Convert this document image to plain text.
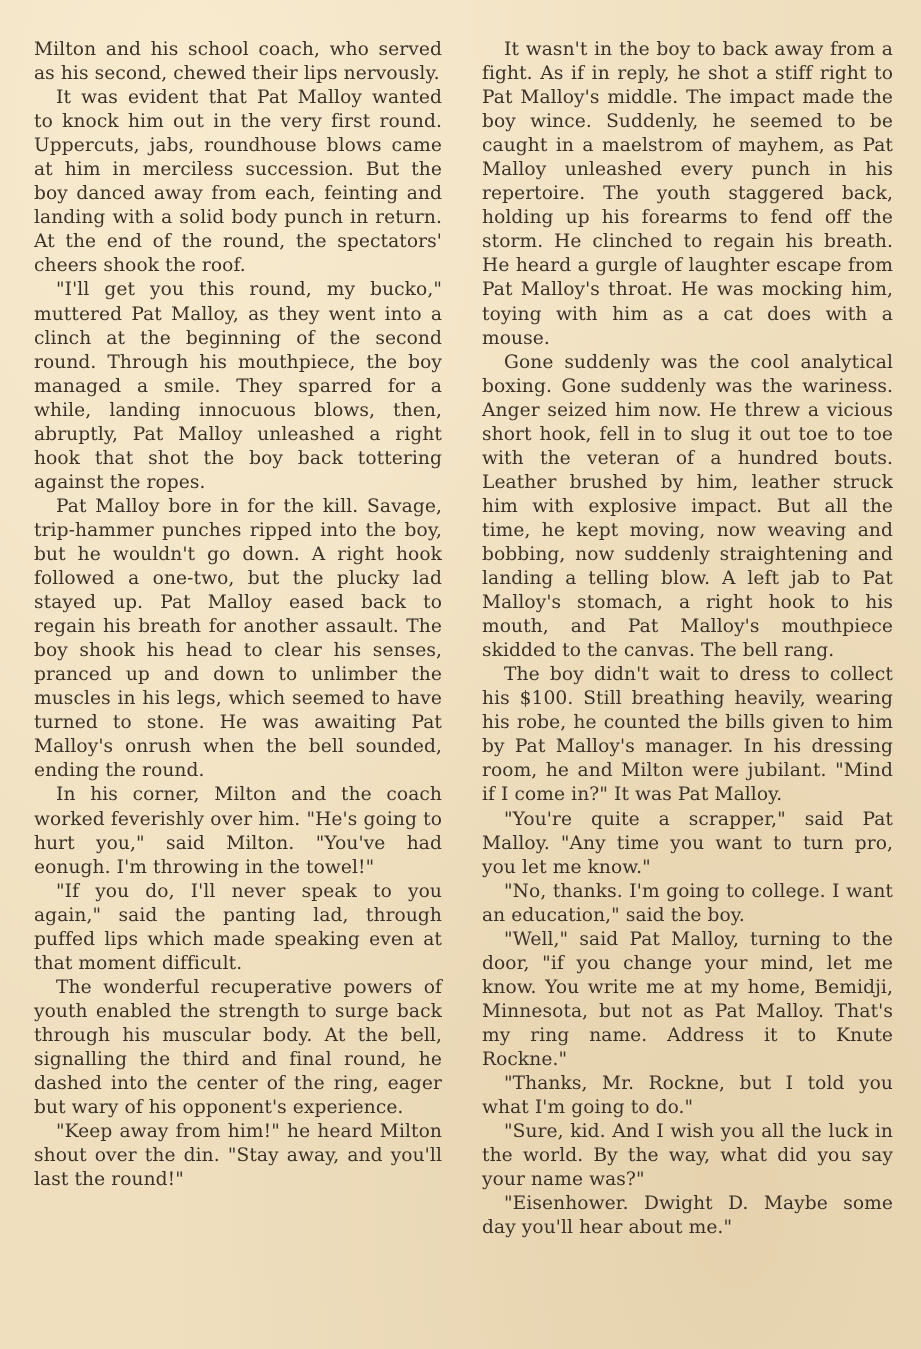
Milton and his school coach, who served as his second, chewed their lips nervously.

It was evident that Pat Malloy wanted to knock him out in the very first round. Uppercuts, jabs, roundhouse blows came at him in merciless succession. But the boy danced away from each, feinting and landing with a solid body punch in return. At the end of the round, the spectators' cheers shook the roof.

"I'll get you this round, my bucko," muttered Pat Malloy, as they went into a clinch at the beginning of the second round. Through his mouthpiece, the boy managed a smile. They sparred for a while, landing innocuous blows, then, abruptly, Pat Malloy unleashed a right hook that shot the boy back tottering against the ropes.

Pat Malloy bore in for the kill. Savage, trip-hammer punches ripped into the boy, but he wouldn't go down. A right hook followed a one-two, but the plucky lad stayed up. Pat Malloy eased back to regain his breath for another assault. The boy shook his head to clear his senses, pranced up and down to unlimber the muscles in his legs, which seemed to have turned to stone. He was awaiting Pat Malloy's onrush when the bell sounded, ending the round.

In his corner, Milton and the coach worked feverishly over him. "He's going to hurt you," said Milton. "You've had eonugh. I'm throwing in the towel!"

"If you do, I'll never speak to you again," said the panting lad, through puffed lips which made speaking even at that moment difficult.

The wonderful recuperative powers of youth enabled the strength to surge back through his muscular body. At the bell, signalling the third and final round, he dashed into the center of the ring, eager but wary of his opponent's experience.

"Keep away from him!" he heard Milton shout over the din. "Stay away, and you'll last the round!"

It wasn't in the boy to back away from a fight. As if in reply, he shot a stiff right to Pat Malloy's middle. The impact made the boy wince. Suddenly, he seemed to be caught in a maelstrom of mayhem, as Pat Malloy unleashed every punch in his repertoire. The youth staggered back, holding up his forearms to fend off the storm. He clinched to regain his breath. He heard a gurgle of laughter escape from Pat Malloy's throat. He was mocking him, toying with him as a cat does with a mouse.

Gone suddenly was the cool analytical boxing. Gone suddenly was the wariness. Anger seized him now. He threw a vicious short hook, fell in to slug it out toe to toe with the veteran of a hundred bouts. Leather brushed by him, leather struck him with explosive impact. But all the time, he kept moving, now weaving and bobbing, now suddenly straightening and landing a telling blow. A left jab to Pat Malloy's stomach, a right hook to his mouth, and Pat Malloy's mouthpiece skidded to the canvas. The bell rang.

The boy didn't wait to dress to collect his $100. Still breathing heavily, wearing his robe, he counted the bills given to him by Pat Malloy's manager. In his dressing room, he and Milton were jubilant. "Mind if I come in?" It was Pat Malloy.

"You're quite a scrapper," said Pat Malloy. "Any time you want to turn pro, you let me know."

"No, thanks. I'm going to college. I want an education," said the boy.

"Well," said Pat Malloy, turning to the door, "if you change your mind, let me know. You write me at my home, Bemidji, Minnesota, but not as Pat Malloy. That's my ring name. Address it to Knute Rockne."

"Thanks, Mr. Rockne, but I told you what I'm going to do."

"Sure, kid. And I wish you all the luck in the world. By the way, what did you say your name was?"

"Eisenhower. Dwight D. Maybe some day you'll hear about me."
